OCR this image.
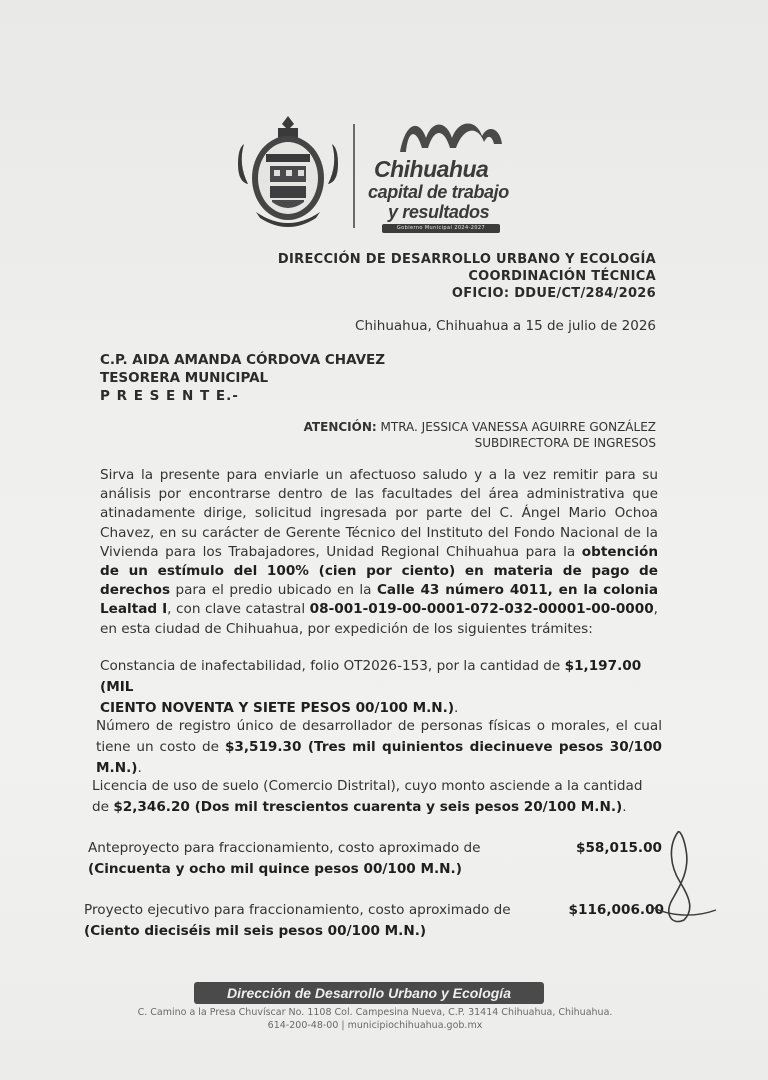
Chihuahua
capital de trabajo
y resultados
Gobierno Municipal 2024-2027
DIRECCIÓN DE DESARROLLO URBANO Y ECOLOGÍA
COORDINACIÓN TÉCNICA
OFICIO: DDUE/CT/284/2026
Chihuahua, Chihuahua a 15 de julio de 2026
C.P. AIDA AMANDA CÓRDOVA CHAVEZ
TESORERA MUNICIPAL
P R E S E N T E.-
ATENCIÓN: MTRA. JESSICA VANESSA AGUIRRE GONZÁLEZ
SUBDIRECTORA DE INGRESOS
Sirva la presente para enviarle un afectuoso saludo y a la vez remitir para su análisis por encontrarse dentro de las facultades del área administrativa que atinadamente dirige, solicitud ingresada por parte del C. Ángel Mario Ochoa Chavez, en su carácter de Gerente Técnico del Instituto del Fondo Nacional de la Vivienda para los Trabajadores, Unidad Regional Chihuahua para la obtención de un estímulo del 100% (cien por ciento) en materia de pago de derechos para el predio ubicado en la Calle 43 número 4011, en la colonia Lealtad I, con clave catastral 08-001-019-00-0001-072-032-00001-00-0000, en esta ciudad de Chihuahua, por expedición de los siguientes trámites:
Constancia de inafectabilidad, folio OT2026-153, por la cantidad de $1,197.00 (MIL
CIENTO NOVENTA Y SIETE PESOS 00/100 M.N.).
Número de registro único de desarrollador de personas físicas o morales, el cual tiene un costo de $3,519.30 (Tres mil quinientos diecinueve pesos 30/100 M.N.).
Licencia de uso de suelo (Comercio Distrital), cuyo monto asciende a la cantidad de $2,346.20 (Dos mil trescientos cuarenta y seis pesos 20/100 M.N.).
Anteproyecto para fraccionamiento, costo aproximado de	$58,015.00
(Cincuenta y ocho mil quince pesos 00/100 M.N.)
Proyecto ejecutivo para fraccionamiento, costo aproximado de	$116,006.00
(Ciento dieciséis mil seis pesos 00/100 M.N.)
Dirección de Desarrollo Urbano y Ecología
C. Camino a la Presa Chuvíscar No. 1108 Col. Campesina Nueva, C.P. 31414 Chihuahua, Chihuahua.
614-200-48-00 | municipiochihuahua.gob.mx
